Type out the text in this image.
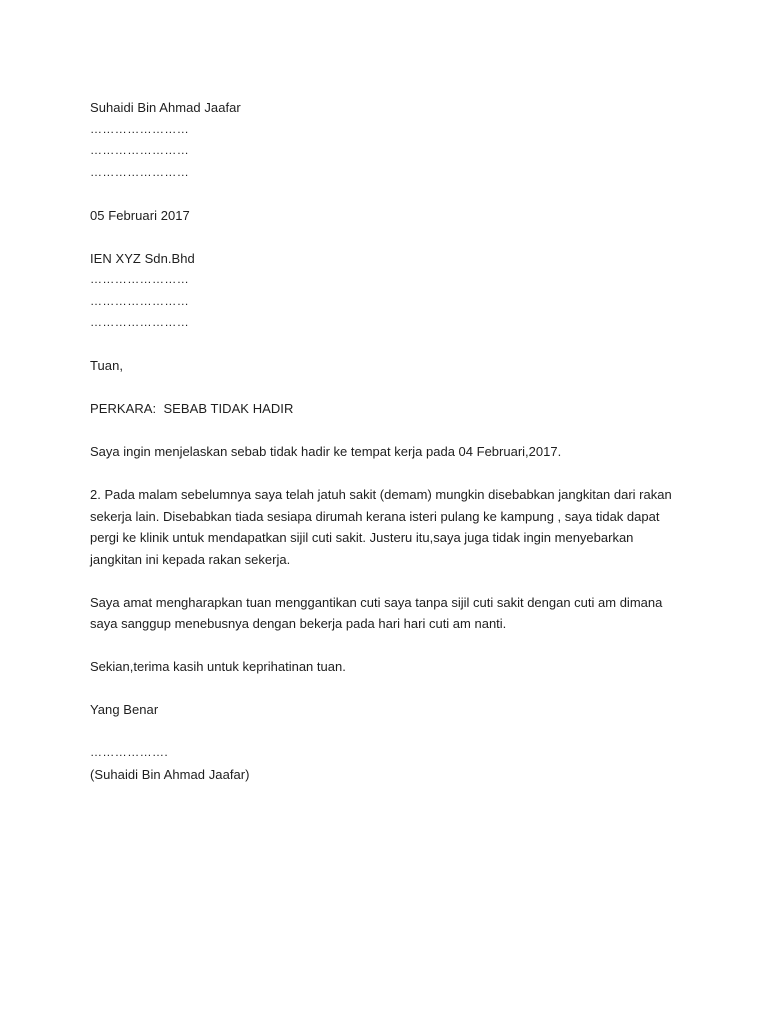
Suhaidi Bin Ahmad Jaafar
……………………
……………………
……………………
05 Februari 2017
IEN XYZ Sdn.Bhd
……………………
……………………
……………………
Tuan,
PERKARA:  SEBAB TIDAK HADIR
Saya ingin menjelaskan sebab tidak hadir ke tempat kerja pada 04 Februari,2017.
2. Pada malam sebelumnya saya telah jatuh sakit (demam) mungkin disebabkan jangkitan dari rakan sekerja lain. Disebabkan tiada sesiapa dirumah kerana isteri pulang ke kampung , saya tidak dapat pergi ke klinik untuk mendapatkan sijil cuti sakit. Justeru itu,saya juga tidak ingin menyebarkan jangkitan ini kepada rakan sekerja.
Saya amat mengharapkan tuan menggantikan cuti saya tanpa sijil cuti sakit dengan cuti am dimana saya sanggup menebusnya dengan bekerja pada hari hari cuti am nanti.
Sekian,terima kasih untuk keprihatinan tuan.
Yang Benar
……………….
(Suhaidi Bin Ahmad Jaafar)
